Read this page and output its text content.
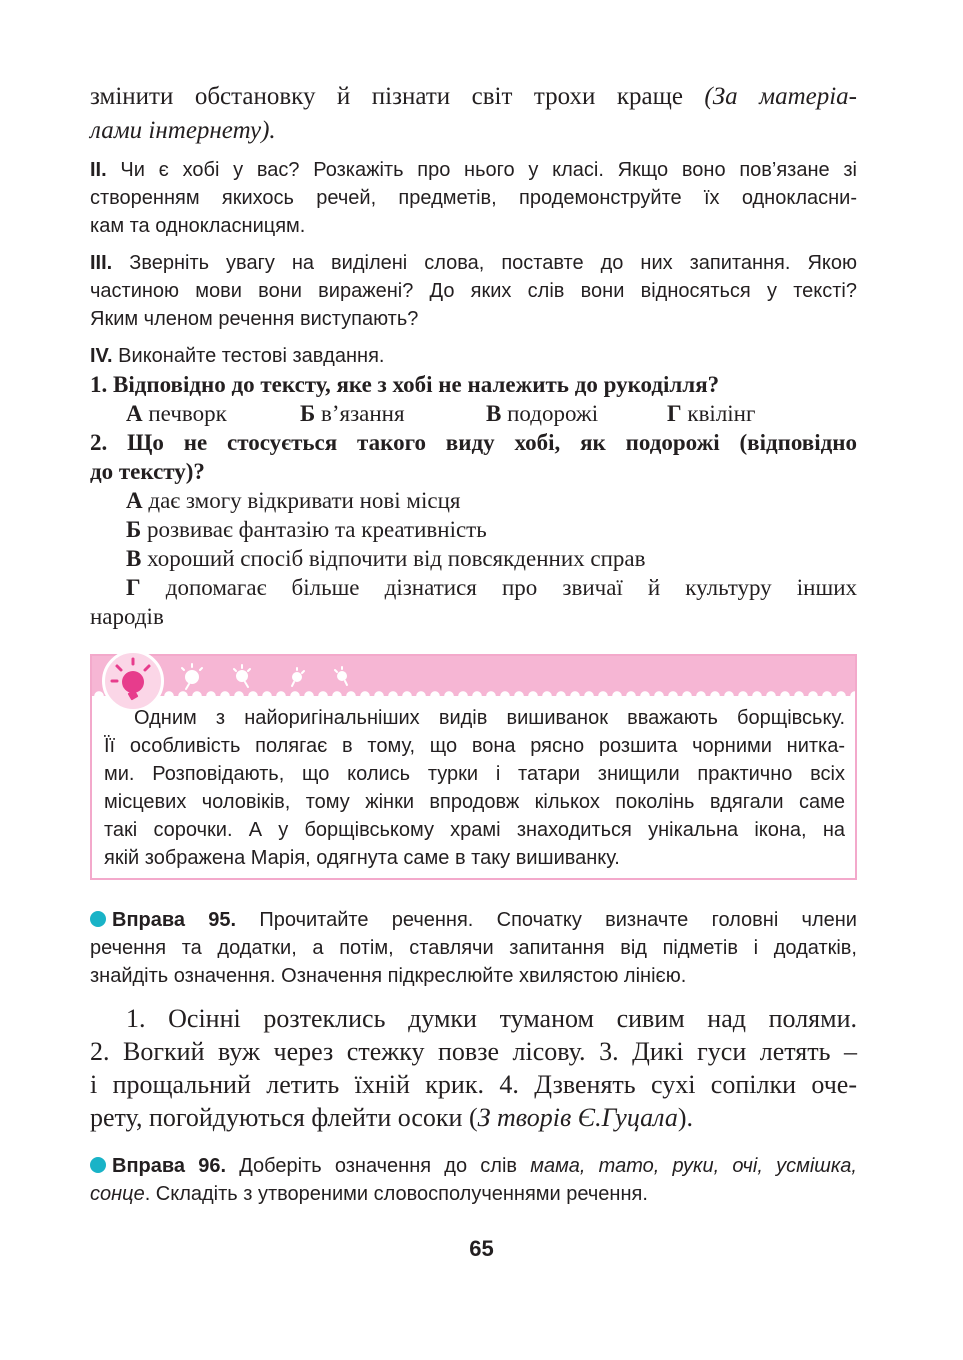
змінити обстановку й пізнати світ трохи краще (За матеріа-
лами інтернету).
ІІ. Чи є хобі у вас? Розкажіть про нього у класі. Якщо воно пов’язане зі
створенням якихось речей, предметів, продемонструйте їх однокласни-
кам та однокласницям.
ІІІ. Зверніть увагу на виділені слова, поставте до них запитання. Якою
частиною мови вони виражені? До яких слів вони відносяться у тексті?
Яким членом речення виступають?
IV. Виконайте тестові завдання.
1. Відповідно до тексту, яке з хобі не належить до рукоділля?
А печворк	Б в’язання	В подорожі	Г квілінг
2. Що не стосується такого виду хобі, як подорожі (відповідно
до тексту)?
А дає змогу відкривати нові місця
Б розвиває фантазію та креативність
В хороший спосіб відпочити від повсякденних справ
Г допомагає більше дізнатися про звичаї й культуру інших
народів
Одним з найоригінальніших видів вишиванок вважають борщівську.
Її особливість полягає в тому, що вона рясно розшита чорними нитка-
ми. Розповідають, що колись турки і татари знищили практично всіх
місцевих чоловіків, тому жінки впродовж кількох поколінь вдягали саме
такі сорочки. А у борщівському храмі знаходиться унікальна ікона, на
якій зображена Марія, одягнута саме в таку вишиванку.
Вправа 95. Прочитайте речення. Спочатку визначте головні члени
речення та додатки, а потім, ставлячи запитання від підметів і додатків,
знайдіть означення. Означення підкреслюйте хвилястою лінією.
1. Осінні розтеклись думки туманом сивим над полями.
2. Вогкий вуж через стежку повзе лісову. 3. Дикі гуси летять –
і прощальний летить їхній крик. 4. Дзвенять сухі сопілки оче-
рету, погойдуються флейти осоки (З творів Є.Гуцала).
Вправа 96. Доберіть означення до слів мама, тато, руки, очі, усмішка,
сонце. Складіть з утвореними словосполученнями речення.
65
